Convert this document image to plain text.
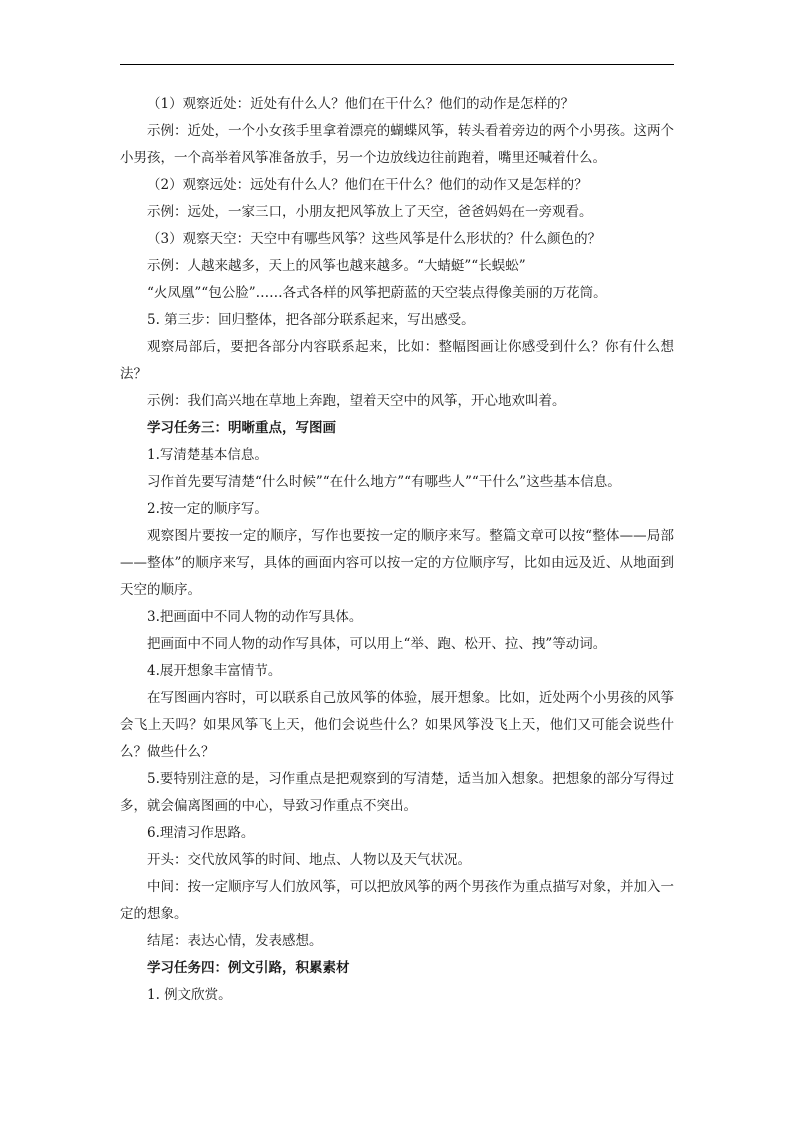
（1）观察近处：近处有什么人？他们在干什么？他们的动作是怎样的？

示例：近处，一个小女孩手里拿着漂亮的蝴蝶风筝，转头看着旁边的两个小男孩。这两个小男孩，一个高举着风筝准备放手，另一个边放线边往前跑着，嘴里还喊着什么。

（2）观察远处：远处有什么人？他们在干什么？他们的动作又是怎样的？

示例：远处，一家三口，小朋友把风筝放上了天空，爸爸妈妈在一旁观看。

（3）观察天空：天空中有哪些风筝？这些风筝是什么形状的？什么颜色的？

示例：人越来越多，天上的风筝也越来越多。“大蜻蜓”“长蜈蚣”

“火凤凰”“包公脸”……各式各样的风筝把蔚蓝的天空装点得像美丽的万花筒。

5. 第三步：回归整体，把各部分联系起来，写出感受。

观察局部后，要把各部分内容联系起来，比如：整幅图画让你感受到什么？你有什么想法？

示例：我们高兴地在草地上奔跑，望着天空中的风筝，开心地欢叫着。

学习任务三：明晰重点，写图画

1.写清楚基本信息。

习作首先要写清楚“什么时候”“在什么地方”“有哪些人”“干什么”这些基本信息。

2.按一定的顺序写。

观察图片要按一定的顺序，写作也要按一定的顺序来写。整篇文章可以按“整体——局部——整体”的顺序来写，具体的画面内容可以按一定的方位顺序写，比如由远及近、从地面到天空的顺序。

3.把画面中不同人物的动作写具体。

把画面中不同人物的动作写具体，可以用上“举、跑、松开、拉、拽”等动词。

4.展开想象丰富情节。

在写图画内容时，可以联系自己放风筝的体验，展开想象。比如，近处两个小男孩的风筝会飞上天吗？如果风筝飞上天，他们会说些什么？如果风筝没飞上天，他们又可能会说些什么？做些什么？

5.要特别注意的是，习作重点是把观察到的写清楚，适当加入想象。把想象的部分写得过多，就会偏离图画的中心，导致习作重点不突出。

6.理清习作思路。

开头：交代放风筝的时间、地点、人物以及天气状况。

中间：按一定顺序写人们放风筝，可以把放风筝的两个男孩作为重点描写对象，并加入一定的想象。

结尾：表达心情，发表感想。

学习任务四：例文引路，积累素材

1. 例文欣赏。
